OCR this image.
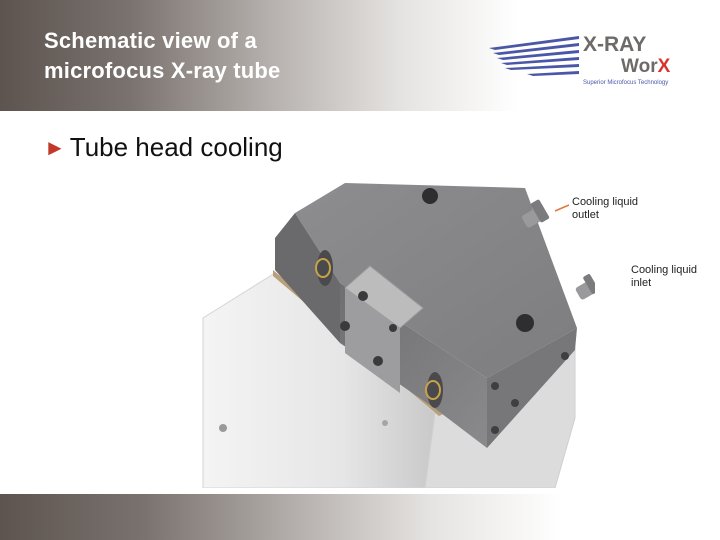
Schematic view of a
microfocus X-ray tube
X-RAY
WorX
Superior Microfocus Technology
► Tube head cooling
Cooling liquid
outlet
Cooling liquid
inlet
